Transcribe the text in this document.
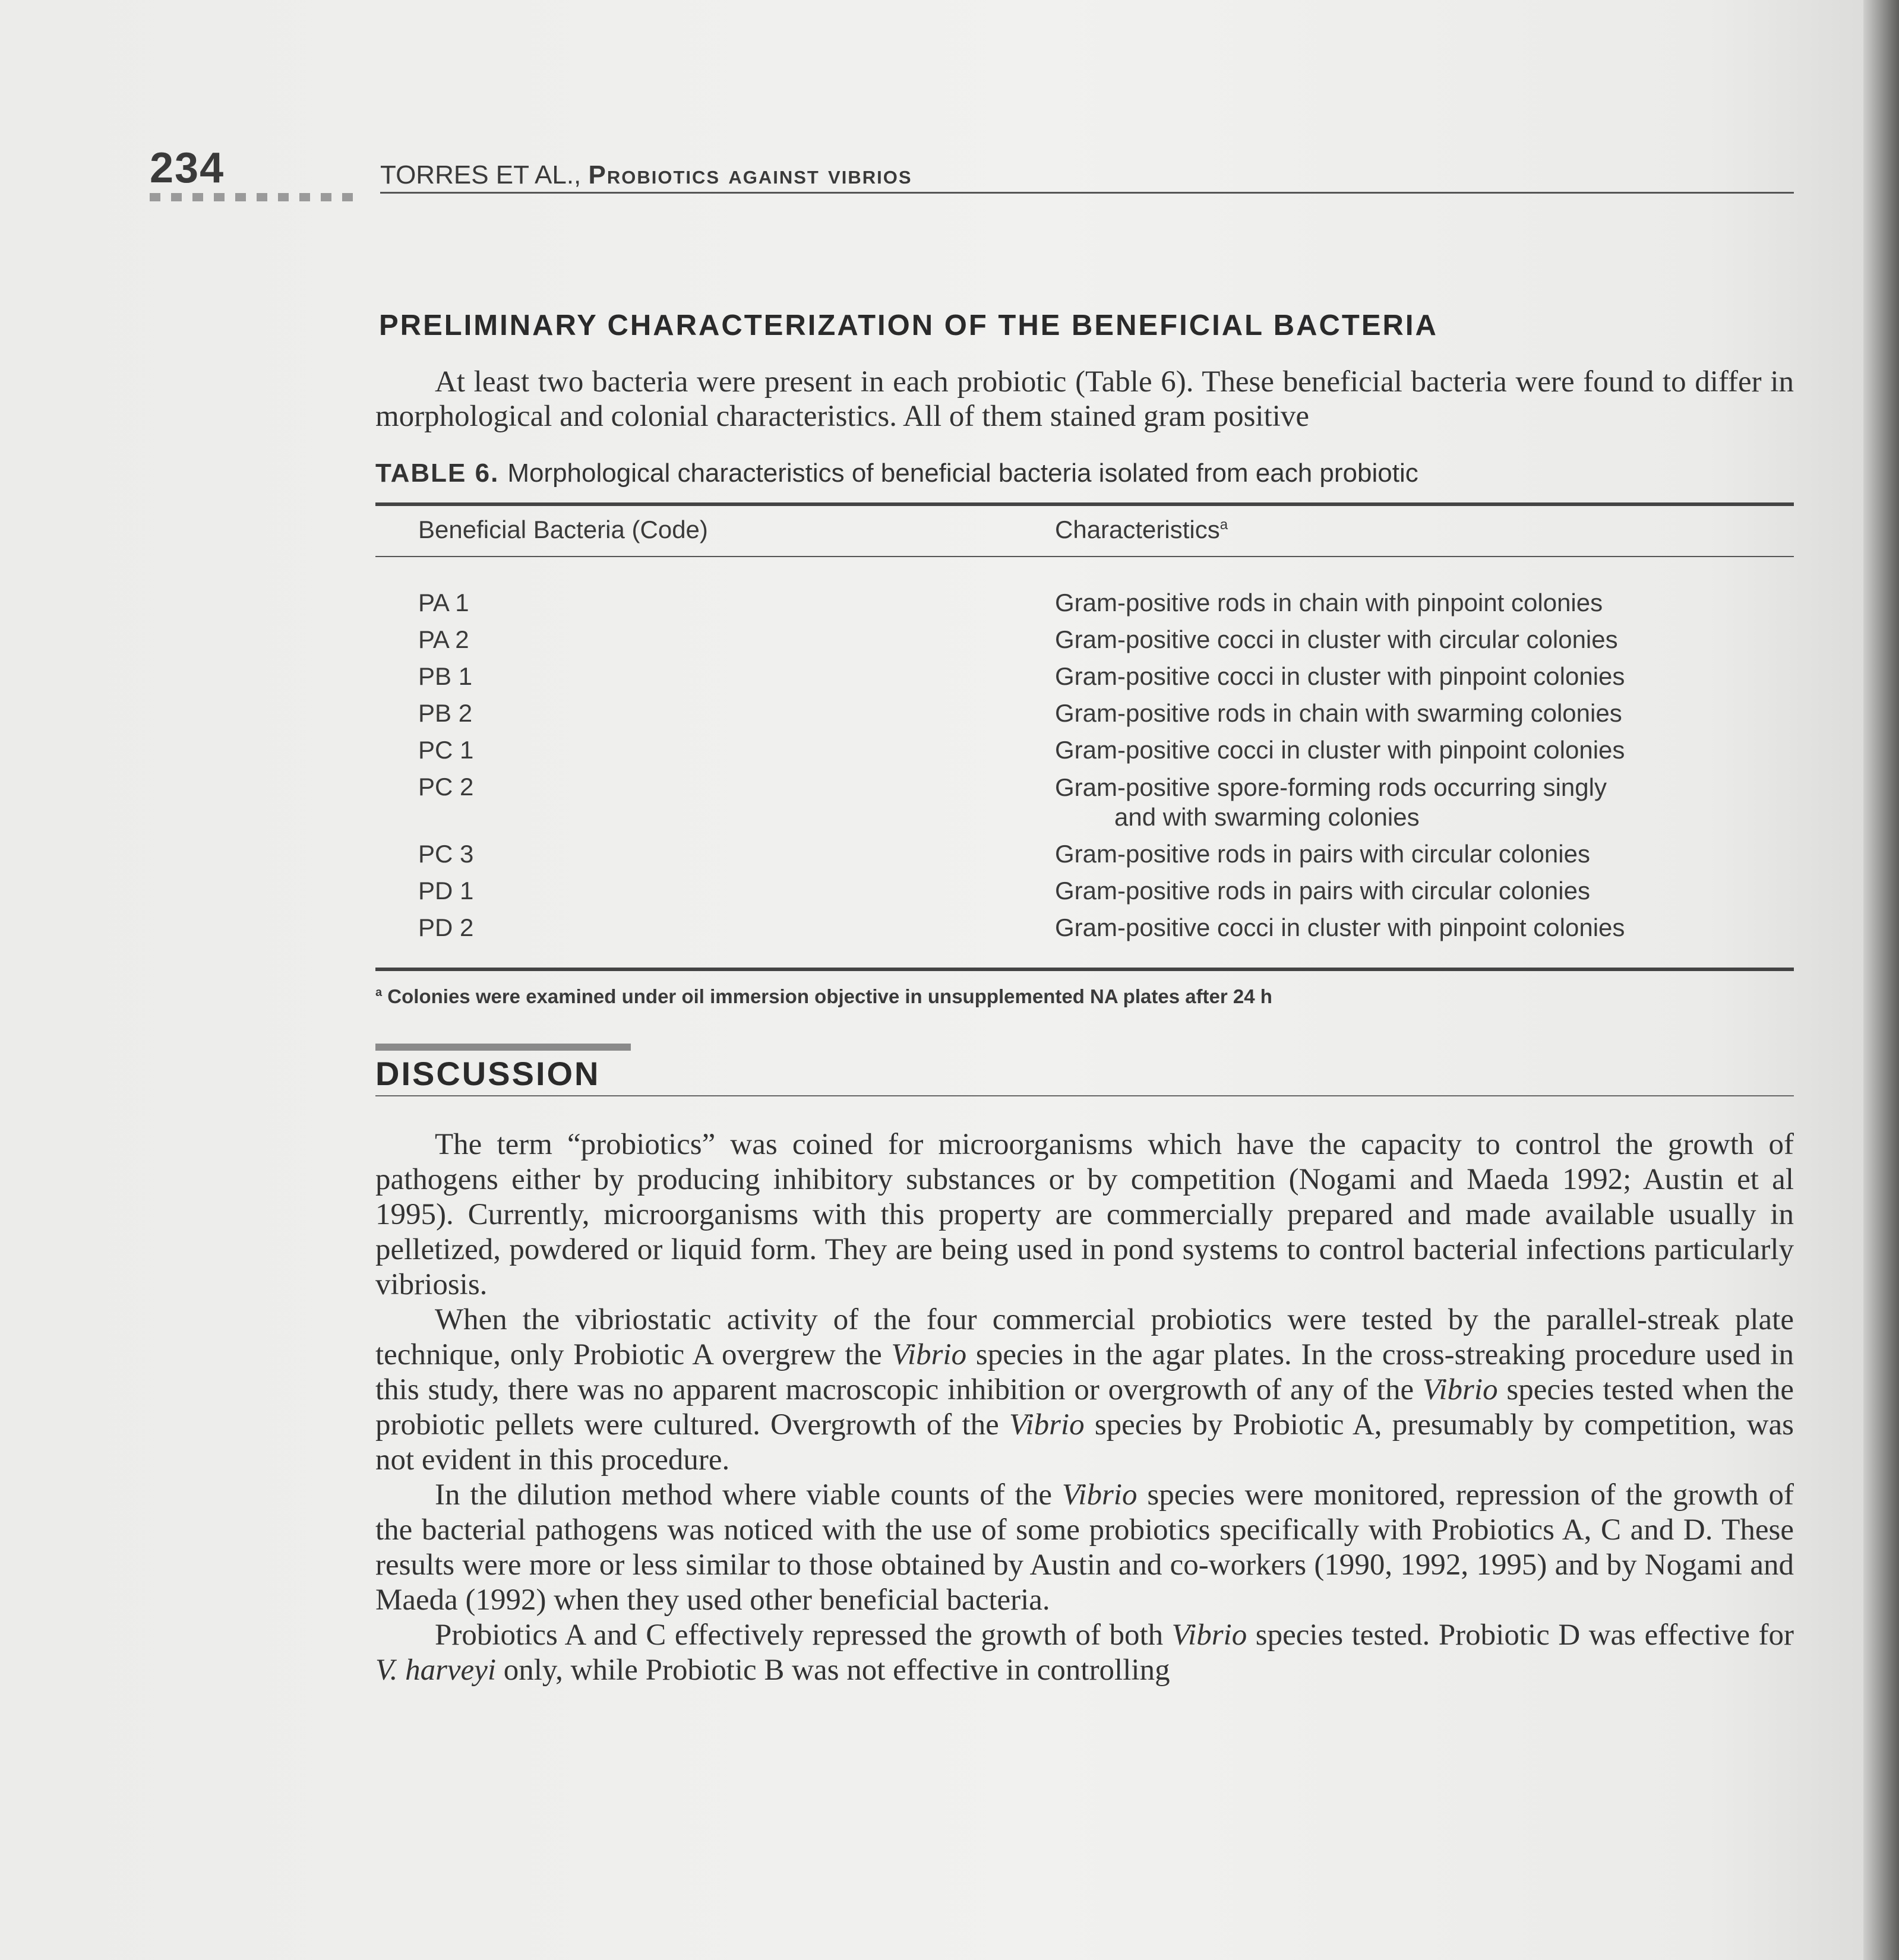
234	TORRES ET AL., Probiotics against vibrios
PRELIMINARY CHARACTERIZATION OF THE BENEFICIAL BACTERIA

At least two bacteria were present in each probiotic (Table 6). These beneficial bacteria were found to differ in morphological and colonial characteristics. All of them stained gram positive

TABLE 6. Morphological characteristics of beneficial bacteria isolated from each probiotic
Beneficial Bacteria (Code)	Characteristics$^a$

PA 1	Gram-positive rods in chain with pinpoint colonies
PA 2	Gram-positive cocci in cluster with circular colonies
PB 1	Gram-positive cocci in cluster with pinpoint colonies
PB 2	Gram-positive rods in chain with swarming colonies
PC 1	Gram-positive cocci in cluster with pinpoint colonies
PC 2	Gram-positive spore-forming rods occurring singly
and with swarming colonies

PC 3	Gram-positive rods in pairs with circular colonies
PD 1	Gram-positive rods in pairs with circular colonies
PD 2	Gram-positive cocci in cluster with pinpoint colonies

$^a$ Colonies were examined under oil immersion objective in unsupplemented NA plates after 24 h

DISCUSSION

The term “probiotics” was coined for microorganisms which have the capacity to control the growth of pathogens either by producing inhibitory substances or by competition (Nogami and Maeda 1992; Austin et al 1995). Currently, microorganisms with this property are commercially prepared and made available usually in pelletized, powdered or liquid form. They are being used in pond systems to control bacterial infections particularly vibriosis.

When the vibriostatic activity of the four commercial probiotics were tested by the parallel-streak plate technique, only Probiotic A overgrew the Vibrio species in the agar plates. In the cross-streaking procedure used in this study, there was no apparent macroscopic inhibition or overgrowth of any of the Vibrio species tested when the probiotic pellets were cultured. Overgrowth of the Vibrio species by Probiotic A, presumably by competition, was not evident in this procedure.

In the dilution method where viable counts of the Vibrio species were monitored, repression of the growth of the bacterial pathogens was noticed with the use of some probiotics specifically with Probiotics A, C and D. These results were more or less similar to those obtained by Austin and co-workers (1990, 1992, 1995) and by Nogami and Maeda (1992) when they used other beneficial bacteria.

Probiotics A and C effectively repressed the growth of both Vibrio species tested. Probiotic D was effective for V. harveyi only, while Probiotic B was not effective in controlling
